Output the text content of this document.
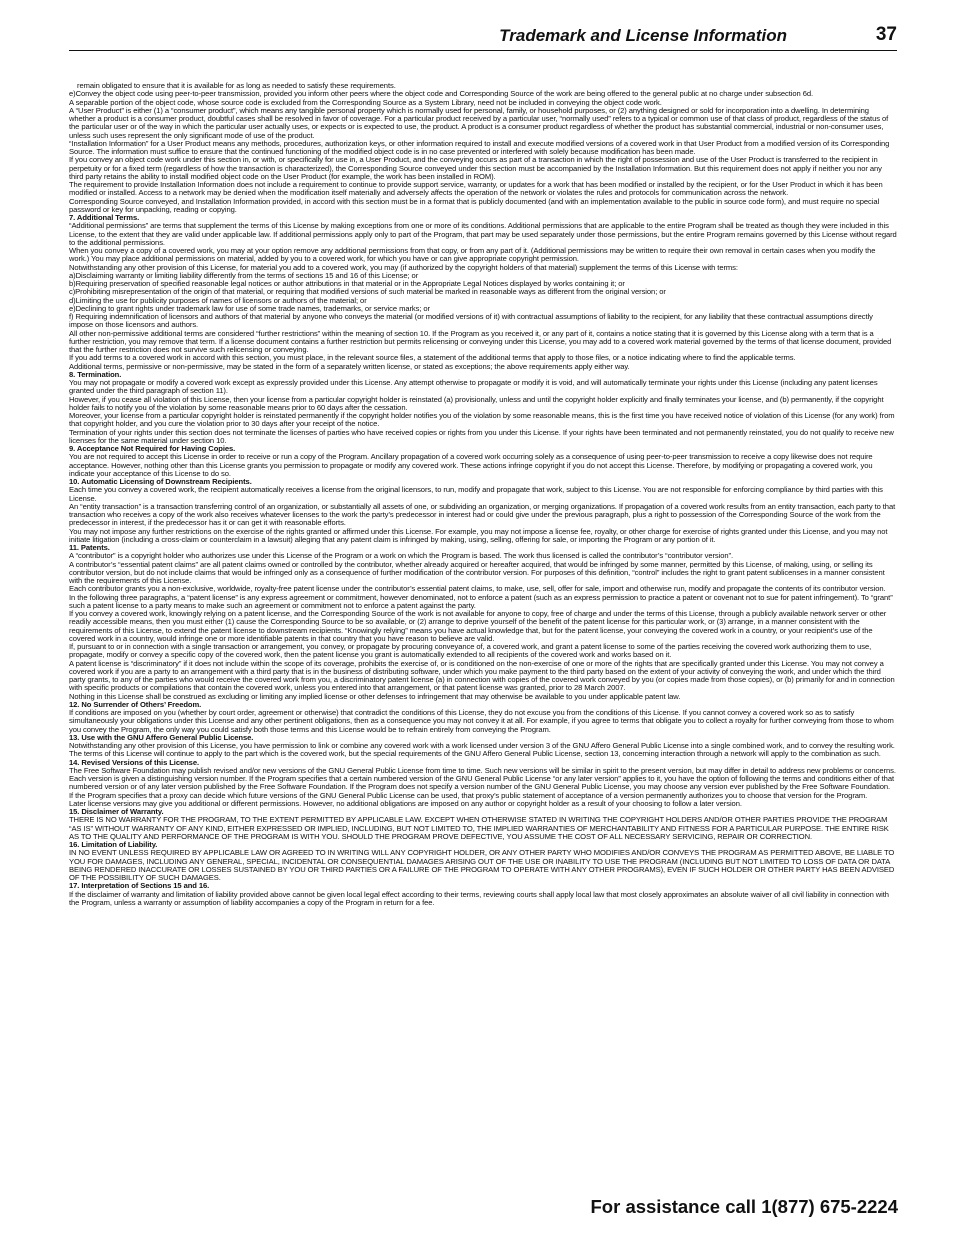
Trademark and License Information	37

remain obligated to ensure that it is available for as long as needed to satisfy these requirements.

e)Convey the object code using peer-to-peer transmission, provided you inform other peers where the object code and Corresponding Source of the work are being offered to the general public at no charge under subsection 6d.

A separable portion of the object code, whose source code is excluded from the Corresponding Source as a System Library, need not be included in conveying the object code work.

A “User Product” is either (1) a “consumer product”, which means any tangible personal property which is normally used for personal, family, or household purposes, or (2) anything designed or sold for incorporation into a dwelling. In determining whether a product is a consumer product, doubtful cases shall be resolved in favor of coverage. For a particular product received by a particular user, “normally used” refers to a typical or common use of that class of product, regardless of the status of the particular user or of the way in which the particular user actually uses, or expects or is expected to use, the product. A product is a consumer product regardless of whether the product has substantial commercial, industrial or non-consumer uses, unless such uses represent the only significant mode of use of the product.

“Installation Information” for a User Product means any methods, procedures, authorization keys, or other information required to install and execute modified versions of a covered work in that User Product from a modified version of its Corresponding Source. The information must suffice to ensure that the continued functioning of the modified object code is in no case prevented or interfered with solely because modification has been made.

If you convey an object code work under this section in, or with, or specifically for use in, a User Product, and the conveying occurs as part of a transaction in which the right of possession and use of the User Product is transferred to the recipient in perpetuity or for a fixed term (regardless of how the transaction is characterized), the Corresponding Source conveyed under this section must be accompanied by the Installation Information. But this requirement does not apply if neither you nor any third party retains the ability to install modified object code on the User Product (for example, the work has been installed in ROM).

The requirement to provide Installation Information does not include a requirement to continue to provide support service, warranty, or updates for a work that has been modified or installed by the recipient, or for the User Product in which it has been modified or installed. Access to a network may be denied when the modification itself materially and adversely affects the operation of the network or violates the rules and protocols for communication across the network.

Corresponding Source conveyed, and Installation Information provided, in accord with this section must be in a format that is publicly documented (and with an implementation available to the public in source code form), and must require no special password or key for unpacking, reading or copying.

7. Additional Terms.

“Additional permissions” are terms that supplement the terms of this License by making exceptions from one or more of its conditions. Additional permissions that are applicable to the entire Program shall be treated as though they were included in this License, to the extent that they are valid under applicable law. If additional permissions apply only to part of the Program, that part may be used separately under those permissions, but the entire Program remains governed by this License without regard to the additional permissions.

When you convey a copy of a covered work, you may at your option remove any additional permissions from that copy, or from any part of it. (Additional permissions may be written to require their own removal in certain cases when you modify the work.) You may place additional permissions on material, added by you to a covered work, for which you have or can give appropriate copyright permission.

Notwithstanding any other provision of this License, for material you add to a covered work, you may (if authorized by the copyright holders of that material) supplement the terms of this License with terms:

a)Disclaiming warranty or limiting liability differently from the terms of sections 15 and 16 of this License; or

b)Requiring preservation of specified reasonable legal notices or author attributions in that material or in the Appropriate Legal Notices displayed by works containing it; or

c)Prohibiting misrepresentation of the origin of that material, or requiring that modified versions of such material be marked in reasonable ways as different from the original version; or

d)Limiting the use for publicity purposes of names of licensors or authors of the material; or

e)Declining to grant rights under trademark law for use of some trade names, trademarks, or service marks; or

f) Requiring indemnification of licensors and authors of that material by anyone who conveys the material (or modified versions of it) with contractual assumptions of liability to the recipient, for any liability that these contractual assumptions directly impose on those licensors and authors.

All other non-permissive additional terms are considered “further restrictions” within the meaning of section 10. If the Program as you received it, or any part of it, contains a notice stating that it is governed by this License along with a term that is a further restriction, you may remove that term. If a license document contains a further restriction but permits relicensing or conveying under this License, you may add to a covered work material governed by the terms of that license document, provided that the further restriction does not survive such relicensing or conveying.

If you add terms to a covered work in accord with this section, you must place, in the relevant source files, a statement of the additional terms that apply to those files, or a notice indicating where to find the applicable terms.

Additional terms, permissive or non-permissive, may be stated in the form of a separately written license, or stated as exceptions; the above requirements apply either way.

8. Termination.

You may not propagate or modify a covered work except as expressly provided under this License. Any attempt otherwise to propagate or modify it is void, and will automatically terminate your rights under this License (including any patent licenses granted under the third paragraph of section 11).

However, if you cease all violation of this License, then your license from a particular copyright holder is reinstated (a) provisionally, unless and until the copyright holder explicitly and finally terminates your license, and (b) permanently, if the copyright holder fails to notify you of the violation by some reasonable means prior to 60 days after the cessation.

Moreover, your license from a particular copyright holder is reinstated permanently if the copyright holder notifies you of the violation by some reasonable means, this is the first time you have received notice of violation of this License (for any work) from that copyright holder, and you cure the violation prior to 30 days after your receipt of the notice.

Termination of your rights under this section does not terminate the licenses of parties who have received copies or rights from you under this License. If your rights have been terminated and not permanently reinstated, you do not qualify to receive new licenses for the same material under section 10.

9. Acceptance Not Required for Having Copies.

You are not required to accept this License in order to receive or run a copy of the Program. Ancillary propagation of a covered work occurring solely as a consequence of using peer-to-peer transmission to receive a copy likewise does not require acceptance. However, nothing other than this License grants you permission to propagate or modify any covered work. These actions infringe copyright if you do not accept this License. Therefore, by modifying or propagating a covered work, you indicate your acceptance of this License to do so.

10. Automatic Licensing of Downstream Recipients.

Each time you convey a covered work, the recipient automatically receives a license from the original licensors, to run, modify and propagate that work, subject to this License. You are not responsible for enforcing compliance by third parties with this License.

An “entity transaction” is a transaction transferring control of an organization, or substantially all assets of one, or subdividing an organization, or merging organizations. If propagation of a covered work results from an entity transaction, each party to that transaction who receives a copy of the work also receives whatever licenses to the work the party’s predecessor in interest had or could give under the previous paragraph, plus a right to possession of the Corresponding Source of the work from the predecessor in interest, if the predecessor has it or can get it with reasonable efforts.

You may not impose any further restrictions on the exercise of the rights granted or affirmed under this License. For example, you may not impose a license fee, royalty, or other charge for exercise of rights granted under this License, and you may not initiate litigation (including a cross-claim or counterclaim in a lawsuit) alleging that any patent claim is infringed by making, using, selling, offering for sale, or importing the Program or any portion of it.

11. Patents.

A “contributor” is a copyright holder who authorizes use under this License of the Program or a work on which the Program is based. The work thus licensed is called the contributor’s “contributor version”.

A contributor’s “essential patent claims” are all patent claims owned or controlled by the contributor, whether already acquired or hereafter acquired, that would be infringed by some manner, permitted by this License, of making, using, or selling its contributor version, but do not include claims that would be infringed only as a consequence of further modification of the contributor version. For purposes of this definition, “control” includes the right to grant patent sublicenses in a manner consistent with the requirements of this License.

Each contributor grants you a non-exclusive, worldwide, royalty-free patent license under the contributor’s essential patent claims, to make, use, sell, offer for sale, import and otherwise run, modify and propagate the contents of its contributor version.

In the following three paragraphs, a “patent license” is any express agreement or commitment, however denominated, not to enforce a patent (such as an express permission to practice a patent or covenant not to sue for patent infringement). To “grant” such a patent license to a party means to make such an agreement or commitment not to enforce a patent against the party.

If you convey a covered work, knowingly relying on a patent license, and the Corresponding Source of the work is not available for anyone to copy, free of charge and under the terms of this License, through a publicly available network server or other readily accessible means, then you must either (1) cause the Corresponding Source to be so available, or (2) arrange to deprive yourself of the benefit of the patent license for this particular work, or (3) arrange, in a manner consistent with the requirements of this License, to extend the patent license to downstream recipients. “Knowingly relying” means you have actual knowledge that, but for the patent license, your conveying the covered work in a country, or your recipient’s use of the covered work in a country, would infringe one or more identifiable patents in that country that you have reason to believe are valid.

If, pursuant to or in connection with a single transaction or arrangement, you convey, or propagate by procuring conveyance of, a covered work, and grant a patent license to some of the parties receiving the covered work authorizing them to use, propagate, modify or convey a specific copy of the covered work, then the patent license you grant is automatically extended to all recipients of the covered work and works based on it.

A patent license is “discriminatory” if it does not include within the scope of its coverage, prohibits the exercise of, or is conditioned on the non-exercise of one or more of the rights that are specifically granted under this License. You may not convey a covered work if you are a party to an arrangement with a third party that is in the business of distributing software, under which you make payment to the third party based on the extent of your activity of conveying the work, and under which the third party grants, to any of the parties who would receive the covered work from you, a discriminatory patent license (a) in connection with copies of the covered work conveyed by you (or copies made from those copies), or (b) primarily for and in connection with specific products or compilations that contain the covered work, unless you entered into that arrangement, or that patent license was granted, prior to 28 March 2007.

Nothing in this License shall be construed as excluding or limiting any implied license or other defenses to infringement that may otherwise be available to you under applicable patent law.

12. No Surrender of Others’ Freedom.

If conditions are imposed on you (whether by court order, agreement or otherwise) that contradict the conditions of this License, they do not excuse you from the conditions of this License. If you cannot convey a covered work so as to satisfy simultaneously your obligations under this License and any other pertinent obligations, then as a consequence you may not convey it at all. For example, if you agree to terms that obligate you to collect a royalty for further conveying from those to whom you convey the Program, the only way you could satisfy both those terms and this License would be to refrain entirely from conveying the Program.

13. Use with the GNU Affero General Public License.

Notwithstanding any other provision of this License, you have permission to link or combine any covered work with a work licensed under version 3 of the GNU Affero General Public License into a single combined work, and to convey the resulting work. The terms of this License will continue to apply to the part which is the covered work, but the special requirements of the GNU Affero General Public License, section 13, concerning interaction through a network will apply to the combination as such.

14. Revised Versions of this License.

The Free Software Foundation may publish revised and/or new versions of the GNU General Public License from time to time. Such new versions will be similar in spirit to the present version, but may differ in detail to address new problems or concerns.

Each version is given a distinguishing version number. If the Program specifies that a certain numbered version of the GNU General Public License “or any later version” applies to it, you have the option of following the terms and conditions either of that numbered version or of any later version published by the Free Software Foundation. If the Program does not specify a version number of the GNU General Public License, you may choose any version ever published by the Free Software Foundation.

If the Program specifies that a proxy can decide which future versions of the GNU General Public License can be used, that proxy’s public statement of acceptance of a version permanently authorizes you to choose that version for the Program.

Later license versions may give you additional or different permissions. However, no additional obligations are imposed on any author or copyright holder as a result of your choosing to follow a later version.

15. Disclaimer of Warranty.

THERE IS NO WARRANTY FOR THE PROGRAM, TO THE EXTENT PERMITTED BY APPLICABLE LAW. EXCEPT WHEN OTHERWISE STATED IN WRITING THE COPYRIGHT HOLDERS AND/OR OTHER PARTIES PROVIDE THE PROGRAM “AS IS” WITHOUT WARRANTY OF ANY KIND, EITHER EXPRESSED OR IMPLIED, INCLUDING, BUT NOT LIMITED TO, THE IMPLIED WARRANTIES OF MERCHANTABILITY AND FITNESS FOR A PARTICULAR PURPOSE. THE ENTIRE RISK AS TO THE QUALITY AND PERFORMANCE OF THE PROGRAM IS WITH YOU. SHOULD THE PROGRAM PROVE DEFECTIVE, YOU ASSUME THE COST OF ALL NECESSARY SERVICING, REPAIR OR CORRECTION.

16. Limitation of Liability.

IN NO EVENT UNLESS REQUIRED BY APPLICABLE LAW OR AGREED TO IN WRITING WILL ANY COPYRIGHT HOLDER, OR ANY OTHER PARTY WHO MODIFIES AND/OR CONVEYS THE PROGRAM AS PERMITTED ABOVE, BE LIABLE TO YOU FOR DAMAGES, INCLUDING ANY GENERAL, SPECIAL, INCIDENTAL OR CONSEQUENTIAL DAMAGES ARISING OUT OF THE USE OR INABILITY TO USE THE PROGRAM (INCLUDING BUT NOT LIMITED TO LOSS OF DATA OR DATA BEING RENDERED INACCURATE OR LOSSES SUSTAINED BY YOU OR THIRD PARTIES OR A FAILURE OF THE PROGRAM TO OPERATE WITH ANY OTHER PROGRAMS), EVEN IF SUCH HOLDER OR OTHER PARTY HAS BEEN ADVISED OF THE POSSIBILITY OF SUCH DAMAGES.

17. Interpretation of Sections 15 and 16.

If the disclaimer of warranty and limitation of liability provided above cannot be given local legal effect according to their terms, reviewing courts shall apply local law that most closely approximates an absolute waiver of all civil liability in connection with the Program, unless a warranty or assumption of liability accompanies a copy of the Program in return for a fee.

For assistance call 1(877) 675-2224
